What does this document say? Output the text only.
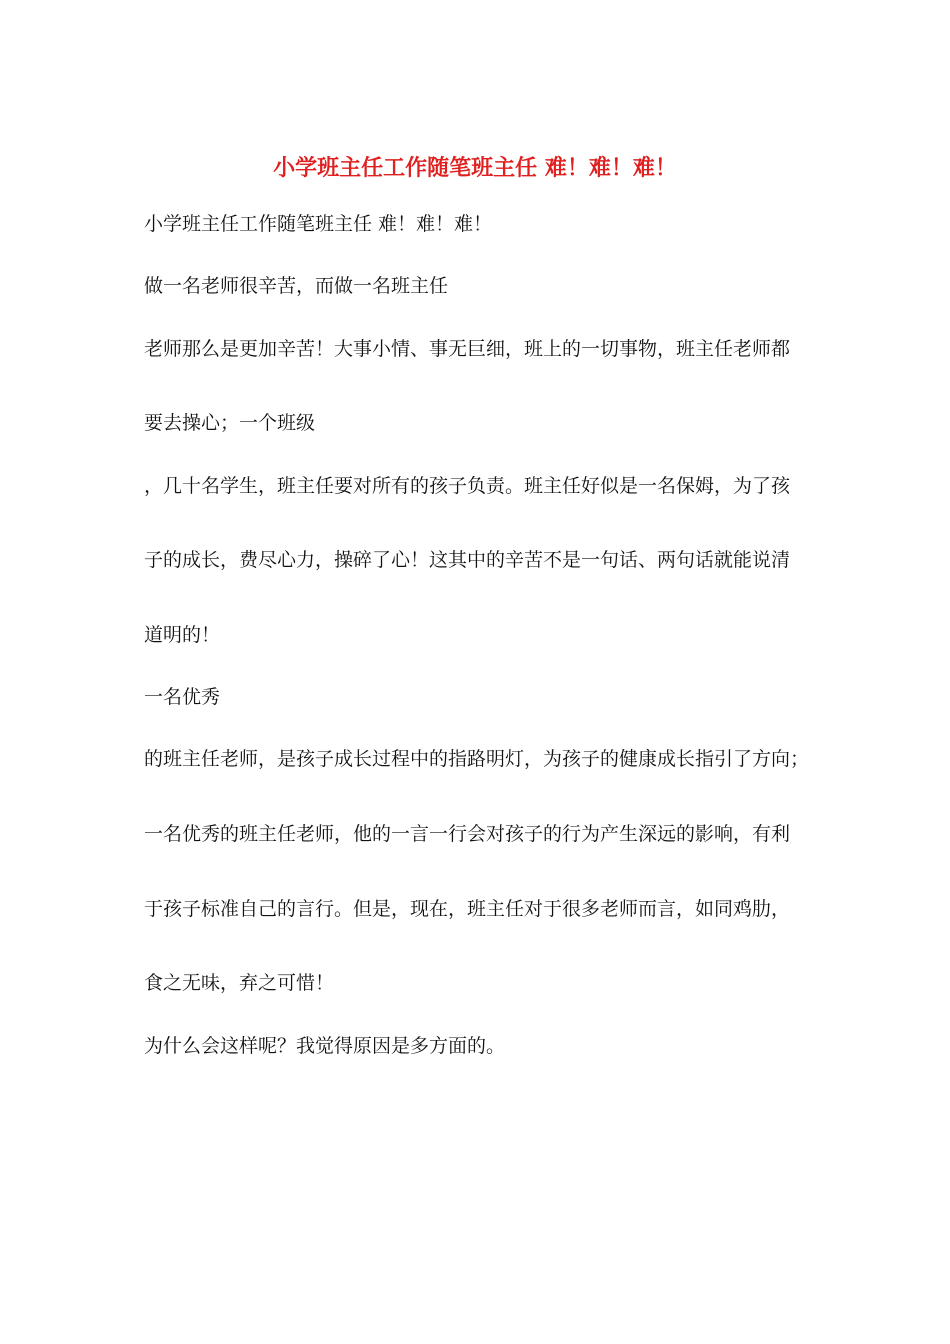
小学班主任工作随笔班主任 难！难！难！
小学班主任工作随笔班主任 难！难！难！
做一名老师很辛苦，而做一名班主任
老师那么是更加辛苦！大事小情、事无巨细，班上的一切事物，班主任老师都
要去操心；一个班级
，几十名学生，班主任要对所有的孩子负责。班主任好似是一名保姆，为了孩
子的成长，费尽心力，操碎了心！这其中的辛苦不是一句话、两句话就能说清
道明的！
一名优秀
的班主任老师，是孩子成长过程中的指路明灯，为孩子的健康成长指引了方向；
一名优秀的班主任老师，他的一言一行会对孩子的行为产生深远的影响，有利
于孩子标准自己的言行。但是，现在，班主任对于很多老师而言，如同鸡肋，
食之无味，弃之可惜！
为什么会这样呢？我觉得原因是多方面的。
